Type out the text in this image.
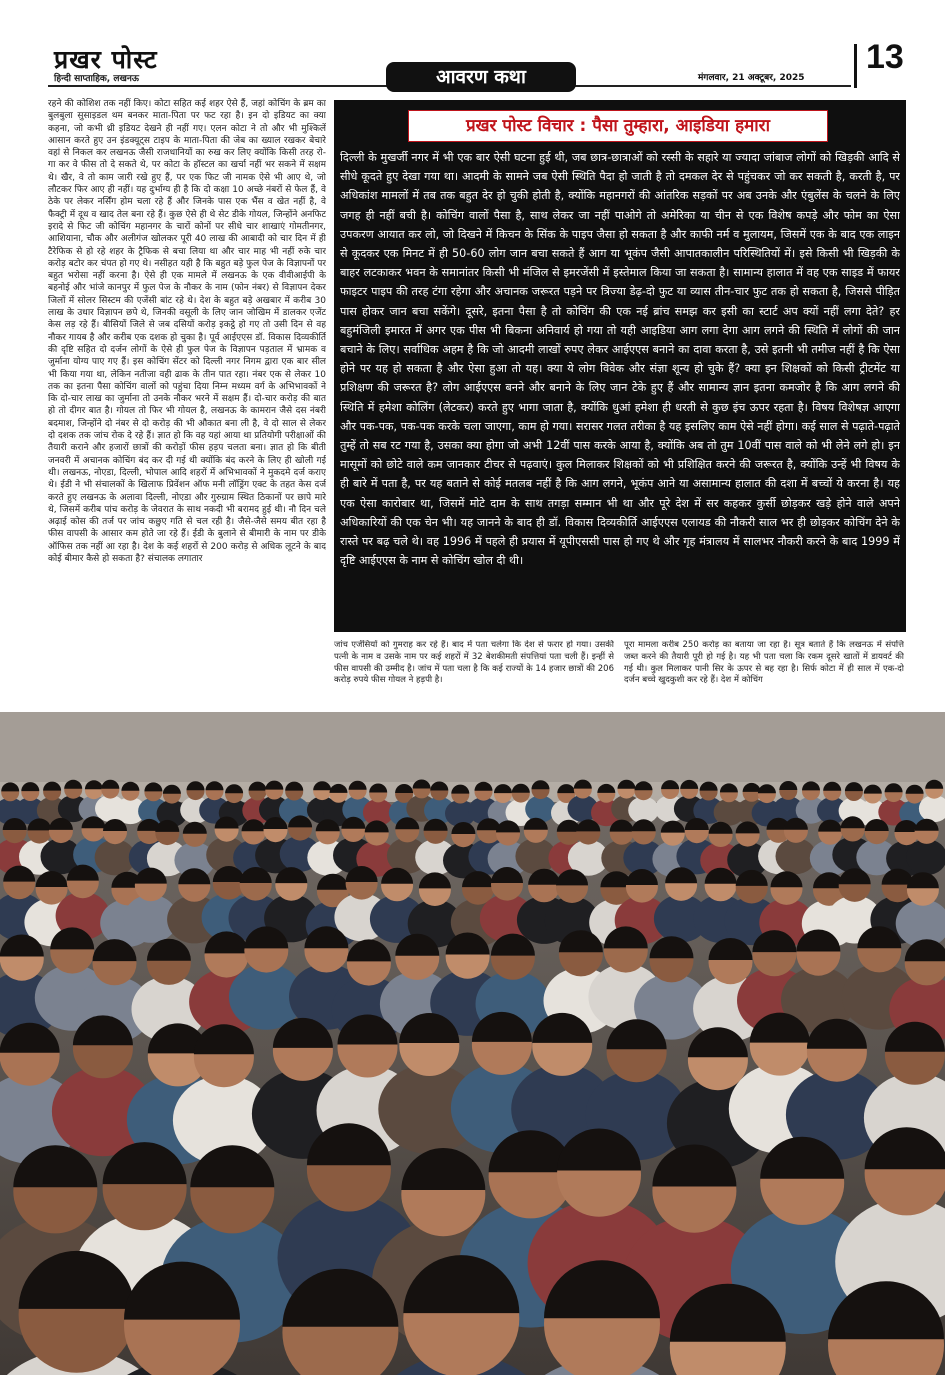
प्रखर पोस्ट
हिन्दी साप्ताहिक, लखनऊ	आवरण कथा	मंगलवार, 21 अक्टूबर, 2025
13

रहने की कोशिश तक नहीं किए। कोटा सहित कई शहर ऐसे हैं, जहां कोचिंग के ब्रम का बुलबुला सुसाइडल थम बनकर माता-पिता पर फट रहा है। इन दो इडियट का क्या कहना, जो कभी थ्री इडियट देखने ही नहीं गए। एलन कोटा ने तो और भी मुश्किलें आसान करते हुए उन इंडक्यूट्स टाइप के माता-पिता की जेब का ख्याल रखकर बेचारे वहां से निकल कर लखनऊ जैसी राजधानियों का रुख कर लिए क्योंकि किसी तरह रो-गा कर वे फीस तो दे सकते थे, पर कोटा के हॉस्टल का खर्चा नहीं भर सकने में सक्षम थे। खैर, वे तो काम जारी रखे हुए हैं, पर एक फिट जी नामक ऐसे भी आए थे, जो लौटकर फिर आए ही नहीं। यह दुर्भाग्य ही है कि दो कक्षा 10 अच्छे नंबरों से फेल हैं, वे ठेके पर लेकर नर्सिंग होम चला रहे हैं और जिनके पास एक भैंस व खेत नहीं है, वे फैक्ट्री में दूध व खाद तेल बना रहे हैं। कुछ ऐसे ही थे सेट डीके गोयल, जिन्होंने अनफिट इरादे से फिट जी कोचिंग महानगर के चारों कोनों पर सीधे चार शाखाएं गोमतीनगर, आशियाना, चौक और अलीगंज खोलकर पूरी 40 लाख की आबादी को चार दिन में ही टैरेफिक से हो रहे शहर के ट्रैफिक से बचा लिया था और चार माह भी नहीं रुके चार करोड़ बटोर कर चंपत हो गए थे। नसीहत यही है कि बहुत बड़े फुल पेज के विज्ञापनों पर बहुत भरोसा नहीं करना है। ऐसे ही एक मामले में लखनऊ के एक वीवीआईपी के बहनोई और भांजे कानपुर में फुल पेज के नौकर के नाम (फोन नंबर) से विज्ञापन देकर जिलों में सोलर सिस्टम की एजेंसी बांट रहे थे। देश के बहुत बड़े अखबार में करीब 30 लाख के उधार विज्ञापन छपे थे, जिनकी वसूली के लिए जान जोखिम में डालकर एजेंट केस लड़ रहे हैं। बीसियों जिले से जब दसियों करोड़ इकट्ठे हो गए तो उसी दिन से वह नौकर गायब है और करीब एक दशक हो चुका है। पूर्व आईएएस डॉ. विकास दिव्यकीर्ति की दृष्टि सहित दो दर्जन लोगों के ऐसे ही फुल पेज के विज्ञापन पड़ताल में भ्रामक व जुर्माना योग्य पाए गए हैं। इस कोचिंग सेंटर को दिल्ली नगर निगम द्वारा एक बार सील भी किया गया था, लेकिन नतीजा वही ढाक के तीन पात रहा। नंबर एक से लेकर 10 तक का इतना पैसा कोचिंग वालों को पहुंचा दिया निम्न मध्यम वर्ग के अभिभावकों ने कि दो-चार लाख का जुर्माना तो उनके नौकर भरने में सक्षम हैं। दो-चार करोड़ की बात हो तो दीगर बात है। गोयल तो फिर भी गोयल है, लखनऊ के कामरान जैसे दस नंबरी बदमाश, जिन्होंने दो नंबर से दो करोड़ की भी औकात बना ली है, वे दो साल से लेकर दो दशक तक जांच रोक दे रहे हैं। ज्ञात हो कि वह यहां आया था प्रतियोगी परीक्षाओं की तैयारी कराने और हजारों छात्रों की करोड़ों फीस हड़प चलता बना। ज्ञात हो कि बीती जनवरी में अचानक कोचिंग बंद कर दी गई थी क्योंकि बंद करने के लिए ही खोली गई थी। लखनऊ, नोएडा, दिल्ली, भोपाल आदि शहरों में अभिभावकों ने मुकदमे दर्ज कराए थे। ईडी ने भी संचालकों के खिलाफ प्रिवेंशन ऑफ मनी लॉड्रिंग एक्ट के तहत केस दर्ज करते हुए लखनऊ के अलावा दिल्ली, नोएडा और गुरुग्राम स्थित ठिकानों पर छापे मारे थे, जिसमें करीब पांच करोड़ के जेवरात के साथ नकदी भी बरामद हुई थी। नौ दिन चले अढ़ाई कोस की तर्ज पर जांच कछुए गति से चल रही है। जैसे-जैसे समय बीत रहा है फीस वापसी के आसार कम होते जा रहे हैं। ईडी के बुलाने से बीमारी के नाम पर डीके ऑफिस तक नहीं आ रहा है। देश के कई शहरों से 200 करोड़ से अधिक लूटने के बाद कोई बीमार कैसे हो सकता है? संचालक लगातार

प्रखर पोस्ट विचार : पैसा तुम्हारा, आइडिया हमारा

दिल्ली के मुखर्जी नगर में भी एक बार ऐसी घटना हुई थी, जब छात्र-छात्राओं को रस्सी के सहारे या ज्यादा जांबाज लोगों को खिड़की आदि से सीधे कूदते हुए देखा गया था। आदमी के सामने जब ऐसी स्थिति पैदा हो जाती है तो दमकल देर से पहुंचकर जो कर सकती है, करती है, पर अधिकांश मामलों में तब तक बहुत देर हो चुकी होती है, क्योंकि महानगरों की आंतरिक सड़कों पर अब उनके और एंबुलेंस के चलने के लिए जगह ही नहीं बची है। कोचिंग वालों पैसा है, साथ लेकर जा नहीं पाओगे तो अमेरिका या चीन से एक विशेष कपड़े और फोम का ऐसा उपकरण आयात कर लो, जो दिखने में किचन के सिंक के पाइप जैसा हो सकता है और काफी नर्म व मुलायम, जिसमें एक के बाद एक लाइन से कूदकर एक मिनट में ही 50-60 लोग जान बचा सकते हैं आग या भूकंप जैसी आपातकालीन परिस्थितियों में। इसे किसी भी खिड़की के बाहर लटकाकर भवन के समानांतर किसी भी मंजिल से इमरजेंसी में इस्तेमाल किया जा सकता है। सामान्य हालात में वह एक साइड में फायर फाइटर पाइप की तरह टंगा रहेगा और अचानक जरूरत पड़ने पर त्रिज्या डेढ़-दो फुट या व्यास तीन-चार फुट तक हो सकता है, जिससे पीड़ित पास होकर जान बचा सकेंगे। दूसरे, इतना पैसा है तो कोचिंग की एक नई ब्रांच समझ कर इसी का स्टार्ट अप क्यों नहीं लगा देते? हर बहुमंजिली इमारत में अगर एक पीस भी बिकना अनिवार्य हो गया तो यही आइडिया आग लगा देगा आग लगने की स्थिति में लोगों की जान बचाने के लिए। सर्वाधिक अहम है कि जो आदमी लाखों रुपए लेकर आईएएस बनाने का दावा करता है, उसे इतनी भी तमीज नहीं है कि ऐसा होने पर यह हो सकता है और ऐसा हुआ तो यह। क्या ये लोग विवेक और संज्ञा शून्य हो चुके हैं? क्या इन शिक्षकों को किसी ट्रीटमेंट या प्रशिक्षण की जरूरत है? लोग आईएएस बनने और बनाने के लिए जान टेके हुए हैं और सामान्य ज्ञान इतना कमजोर है कि आग लगने की स्थिति में हमेशा कोलिंग (लेटकर) करते हुए भागा जाता है, क्योंकि धुआं हमेशा ही धरती से कुछ इंच ऊपर रहता है। विषय विशेषज्ञ आएगा और पक-पक, पक-पक करके चला जाएगा, काम हो गया। सरासर गलत तरीका है यह इसलिए काम ऐसे नहीं होगा। कई साल से पढ़ाते-पढ़ाते तुम्हें तो सब रट गया है, उसका क्या होगा जो अभी 12वीं पास करके आया है, क्योंकि अब तो तुम 10वीं पास वाले को भी लेने लगे हो। इन मासूमों को छोटे वाले कम जानकार टीचर से पढ़वाएं। कुल मिलाकर शिक्षकों को भी प्रशिक्षित करने की जरूरत है, क्योंकि उन्हें भी विषय के ही बारे में पता है, पर यह बताने से कोई मतलब नहीं है कि आग लगने, भूकंप आने या असामान्य हालात की दशा में बच्चों ये करना है। यह एक ऐसा कारोबार था, जिसमें मोटे दाम के साथ तगड़ा सम्मान भी था और पूरे देश में सर कहकर कुर्सी छोड़कर खड़े होने वाले अपने अधिकारियों की एक चेन भी। यह जानने के बाद ही डॉ. विकास दिव्यकीर्ति आईएएस एलायड की नौकरी साल भर ही छोड़कर कोचिंग देने के रास्ते पर बढ़ चले थे। वह 1996 में पहले ही प्रयास में यूपीएससी पास हो गए थे और गृह मंत्रालय में सालभर नौकरी करने के बाद 1999 में दृष्टि आईएएस के नाम से कोचिंग खोल दी थी।

जांच एजेंसियों को गुमराह कर रहे हैं। बाद में पता चलेगा कि देश से फरार हो गया। उसकी पत्नी के नाम व उसके नाम पर कई शहरों में 32 बेशकीमती संपत्तियां पता चली हैं। इन्हीं से फीस वापसी की उम्मीद है। जांच में पता चला है कि कई राज्यों के 14 हजार छात्रों की 206 करोड़ रुपये फीस गोयल ने हड़पी है।

पूरा मामला करीब 250 करोड़ का बताया जा रहा है। सूत्र बताते हैं कि लखनऊ में संपत्ति जब्त करने की तैयारी पूरी हो गई है। यह भी पता चला कि रकम दूसरे खातों में डायवर्ट की गई थी। कुल मिलाकर पानी सिर के ऊपर से बह रहा है। सिर्फ कोटा में ही साल में एक-दो दर्जन बच्चे खुदकुशी कर रहे हैं। देश में कोचिंग
